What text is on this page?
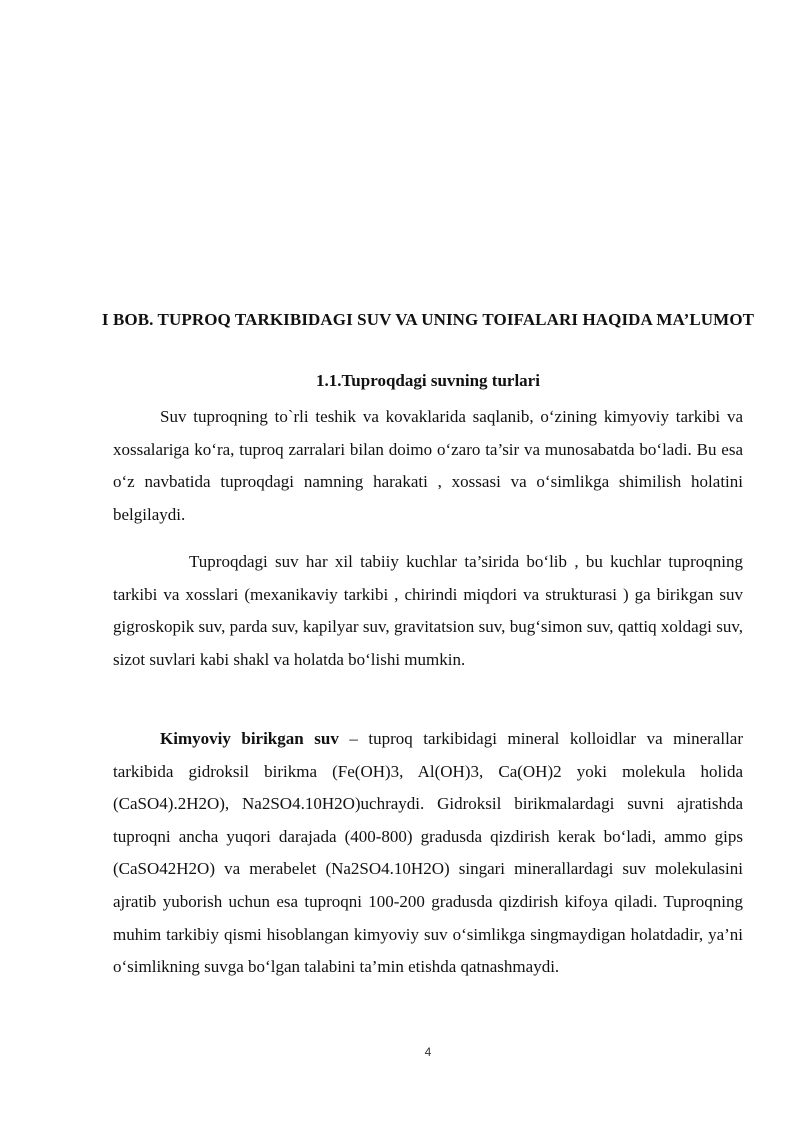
I BOB. TUPROQ TARKIBIDAGI SUV VA UNING TOIFALARI HAQIDA MA’LUMOT
1.1.Tuproqdagi suvning turlari

Suv tuproqning to`rli teshik va kovaklarida saqlanib, o‘zining kimyoviy tarkibi va xossalariga ko‘ra, tuproq zarralari bilan doimo o‘zaro ta’sir va munosabatda bo‘ladi. Bu esa o‘z navbatida tuproqdagi namning harakati , xossasi va o‘simlikga shimilish holatini belgilaydi.

Tuproqdagi suv har xil tabiiy kuchlar ta’sirida bo‘lib , bu kuchlar tuproqning tarkibi va xosslari (mexanikaviy tarkibi , chirindi miqdori va strukturasi ) ga birikgan suv gigroskopik suv, parda suv, kapilyar suv, gravitatsion suv, bug‘simon suv, qattiq xoldagi suv, sizot suvlari kabi shakl va holatda bo‘lishi mumkin.

Kimyoviy birikgan suv – tuproq tarkibidagi mineral kolloidlar va minerallar tarkibida gidroksil birikma (Fe(OH)3, Al(OH)3, Ca(OH)2 yoki molekula holida (CaSO4).2H2O), Na2SO4.10H2O)uchraydi. Gidroksil birikmalardagi suvni ajratishda tuproqni ancha yuqori darajada (400-800) gradusda qizdirish kerak bo‘ladi, ammo gips (CaSO42H2O) va merabelet (Na2SO4.10H2O) singari minerallardagi suv molekulasini ajratib yuborish uchun esa tuproqni 100-200 gradusda qizdirish kifoya qiladi. Tuproqning muhim tarkibiy qismi hisoblangan kimyoviy suv o‘simlikga singmaydigan holatdadir, ya’ni o‘simlikning suvga bo‘lgan talabini ta’min etishda qatnashmaydi.

4
